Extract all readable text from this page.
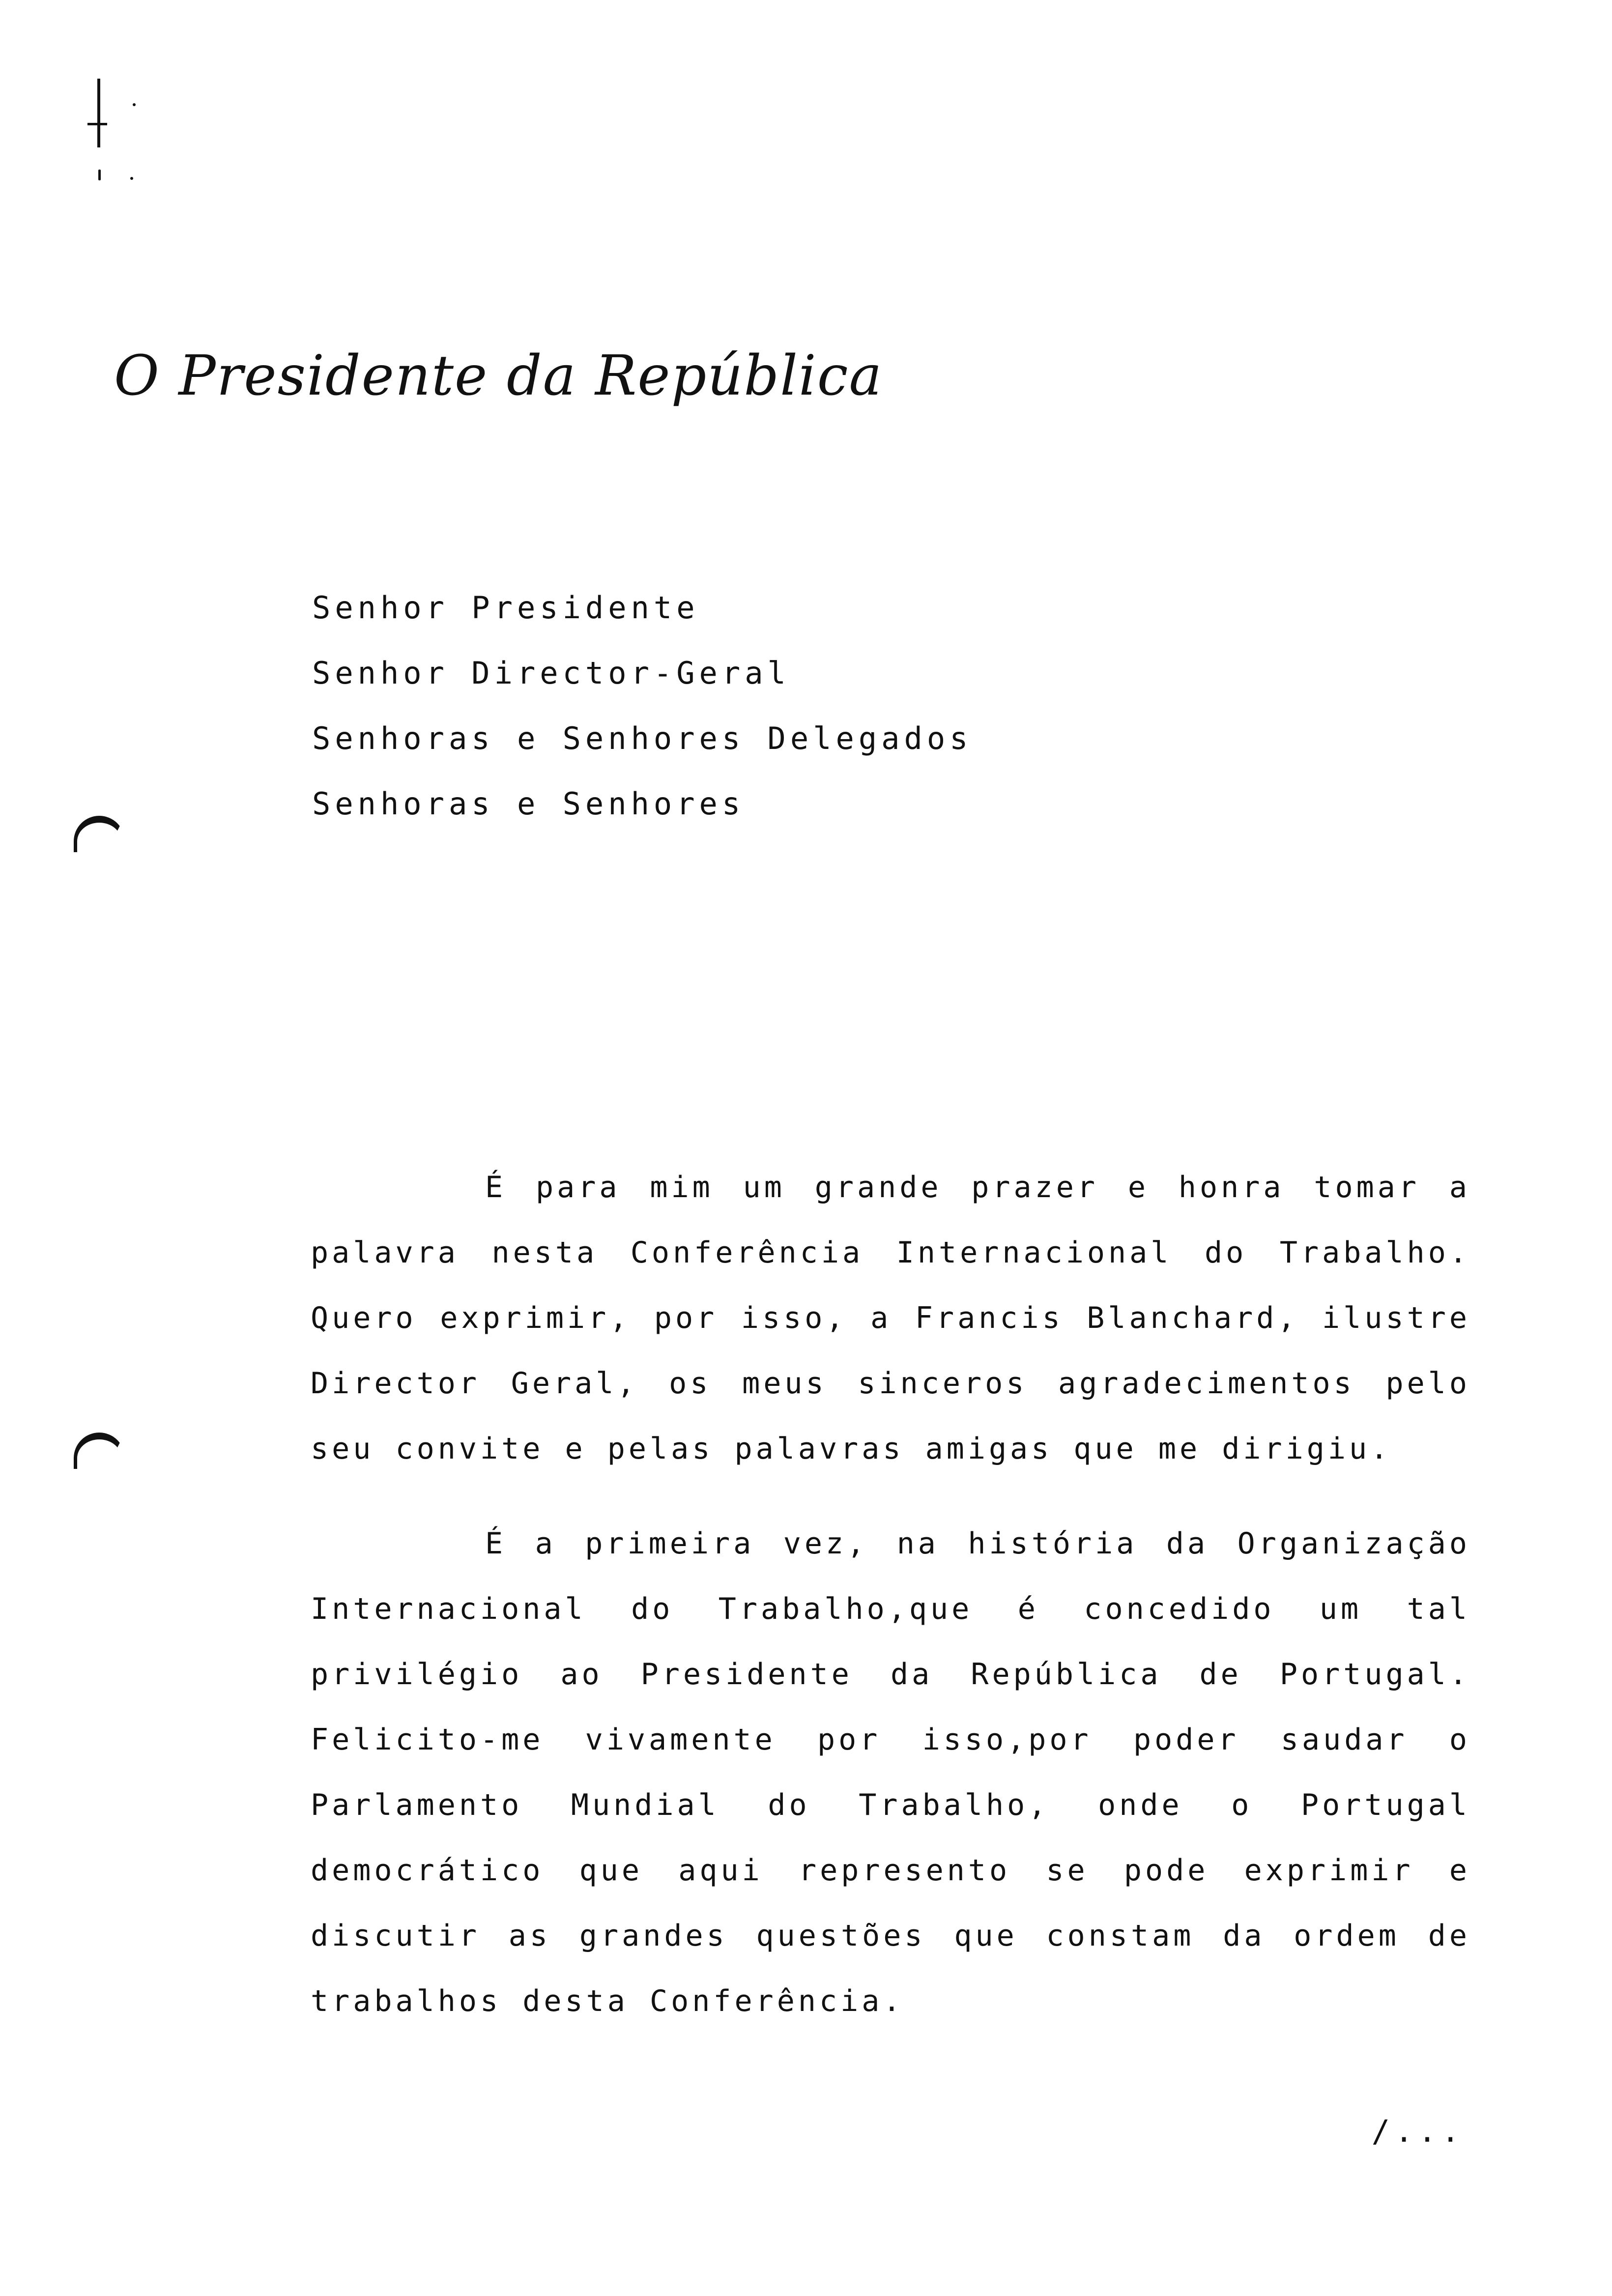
O Presidente da República
Senhor Presidente
Senhor Director-Geral
Senhoras e Senhores Delegados
Senhoras e Senhores
É para mim um grande prazer e honra tomar a palavra nesta Conferência Internacional do Trabalho. Quero exprimir, por isso, a Francis Blanchard, ilustre Director Geral, os meus sinceros agradecimentos pelo seu convite e pelas palavras amigas que me dirigiu.
É a primeira vez, na história da Organização Internacional do Trabalho,que é concedido um tal privilégio ao Presidente da República de Portugal. Felicito-me vivamente por isso,por poder saudar o Parlamento Mundial do Trabalho, onde o Portugal democrático que aqui represento se pode exprimir e discutir as grandes questões que constam da ordem de trabalhos desta Conferência.
/...
